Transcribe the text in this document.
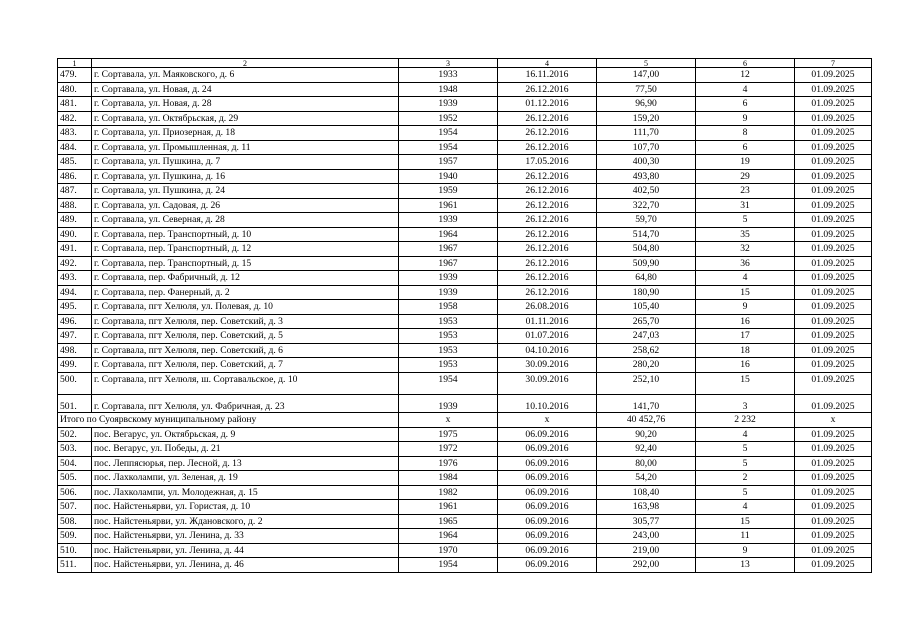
1	2	3	4	5	6	7
479.	г. Сортавала, ул. Маяковского, д. 6	1933	16.11.2016	147,00	12	01.09.2025
480.	г. Сортавала, ул. Новая, д. 24	1948	26.12.2016	77,50	4	01.09.2025
481.	г. Сортавала, ул. Новая, д. 28	1939	01.12.2016	96,90	6	01.09.2025
482.	г. Сортавала, ул. Октябрьская, д. 29	1952	26.12.2016	159,20	9	01.09.2025
483.	г. Сортавала, ул. Приозерная, д. 18	1954	26.12.2016	111,70	8	01.09.2025
484.	г. Сортавала, ул. Промышленная, д. 11	1954	26.12.2016	107,70	6	01.09.2025
485.	г. Сортавала, ул. Пушкина, д. 7	1957	17.05.2016	400,30	19	01.09.2025
486.	г. Сортавала, ул. Пушкина, д. 16	1940	26.12.2016	493,80	29	01.09.2025
487.	г. Сортавала, ул. Пушкина, д. 24	1959	26.12.2016	402,50	23	01.09.2025
488.	г. Сортавала, ул. Садовая, д. 26	1961	26.12.2016	322,70	31	01.09.2025
489.	г. Сортавала, ул. Северная, д. 28	1939	26.12.2016	59,70	5	01.09.2025
490.	г. Сортавала, пер. Транспортный, д. 10	1964	26.12.2016	514,70	35	01.09.2025
491.	г. Сортавала, пер. Транспортный, д. 12	1967	26.12.2016	504,80	32	01.09.2025
492.	г. Сортавала, пер. Транспортный, д. 15	1967	26.12.2016	509,90	36	01.09.2025
493.	г. Сортавала, пер. Фабричный, д. 12	1939	26.12.2016	64,80	4	01.09.2025
494.	г. Сортавала, пер. Фанерный, д. 2	1939	26.12.2016	180,90	15	01.09.2025
495.	г. Сортавала, пгт Хелюля, ул. Полевая, д. 10	1958	26.08.2016	105,40	9	01.09.2025
496.	г. Сортавала, пгт Хелюля, пер. Советский, д. 3	1953	01.11.2016	265,70	16	01.09.2025
497.	г. Сортавала, пгт Хелюля, пер. Советский, д. 5	1953	01.07.2016	247,03	17	01.09.2025
498.	г. Сортавала, пгт Хелюля, пер. Советский, д. 6	1953	04.10.2016	258,62	18	01.09.2025
499.	г. Сортавала, пгт Хелюля, пер. Советский, д. 7	1953	30.09.2016	280,20	16	01.09.2025
500.	г. Сортавала, пгт Хелюля, ш. Сортавальское, д. 10	1954	30.09.2016	252,10	15	01.09.2025
501.	г. Сортавала, пгт Хелюля, ул. Фабричная, д. 23	1939	10.10.2016	141,70	3	01.09.2025
Итого по Суоярвскому муниципальному району		x	x	40 452,76	2 232	x
502.	пос. Вегарус, ул. Октябрьская, д. 9	1975	06.09.2016	90,20	4	01.09.2025
503.	пос. Вегарус, ул. Победы, д. 21	1972	06.09.2016	92,40	5	01.09.2025
504.	пос. Леппясюрья, пер. Лесной, д. 13	1976	06.09.2016	80,00	5	01.09.2025
505.	пос. Лахколампи, ул. Зеленая, д. 19	1984	06.09.2016	54,20	2	01.09.2025
506.	пос. Лахколампи, ул. Молодежная, д. 15	1982	06.09.2016	108,40	5	01.09.2025
507.	пос. Найстеньярви, ул. Гористая, д. 10	1961	06.09.2016	163,98	4	01.09.2025
508.	пос. Найстеньярви, ул. Ждановского, д. 2	1965	06.09.2016	305,77	15	01.09.2025
509.	пос. Найстеньярви, ул. Ленина, д. 33	1964	06.09.2016	243,00	11	01.09.2025
510.	пос. Найстеньярви, ул. Ленина, д. 44	1970	06.09.2016	219,00	9	01.09.2025
511.	пос. Найстеньярви, ул. Ленина, д. 46	1954	06.09.2016	292,00	13	01.09.2025
